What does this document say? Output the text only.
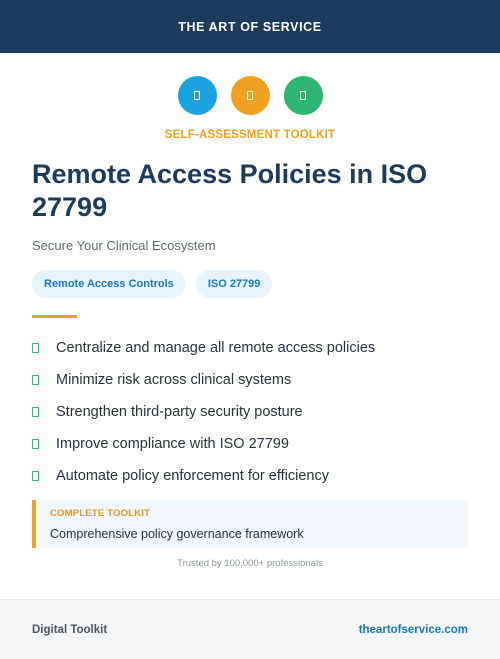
THE ART OF SERVICE
SELF-ASSESSMENT TOOLKIT
Remote Access Policies in ISO 27799
Secure Your Clinical Ecosystem
Remote Access Controls	ISO 27799
Centralize and manage all remote access policies
Minimize risk across clinical systems
Strengthen third-party security posture
Improve compliance with ISO 27799
Automate policy enforcement for efficiency
COMPLETE TOOLKIT
Comprehensive policy governance framework
Trusted by 100,000+ professionals
Digital Toolkit	theartofservice.com
